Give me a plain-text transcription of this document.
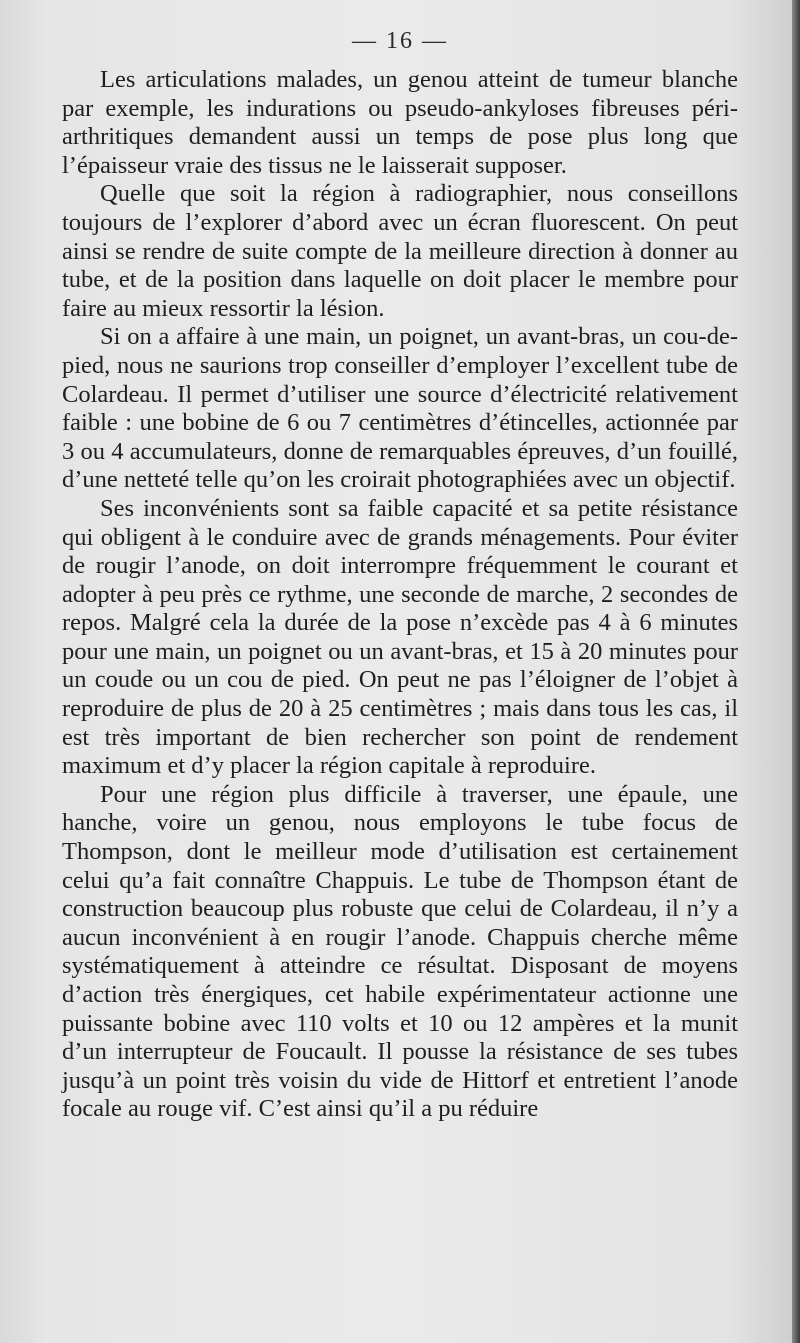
— 16 —

Les articulations malades, un genou atteint de tumeur blanche par exemple, les indurations ou pseudo-ankyloses fibreuses péri-arthritiques demandent aussi un temps de pose plus long que l’épaisseur vraie des tissus ne le laisserait supposer.

Quelle que soit la région à radiographier, nous conseillons toujours de l’explorer d’abord avec un écran fluorescent. On peut ainsi se rendre de suite compte de la meilleure direction à donner au tube, et de la position dans laquelle on doit placer le membre pour faire au mieux ressortir la lésion.

Si on a affaire à une main, un poignet, un avant-bras, un cou-de-pied, nous ne saurions trop conseiller d’employer l’excellent tube de Colardeau. Il permet d’utiliser une source d’électricité relativement faible : une bobine de 6 ou 7 centimètres d’étincelles, actionnée par 3 ou 4 accumulateurs, donne de remarquables épreuves, d’un fouillé, d’une netteté telle qu’on les croirait photographiées avec un objectif.

Ses inconvénients sont sa faible capacité et sa petite résistance qui obligent à le conduire avec de grands ménagements. Pour éviter de rougir l’anode, on doit interrompre fréquemment le courant et adopter à peu près ce rythme, une seconde de marche, 2 secondes de repos. Malgré cela la durée de la pose n’excède pas 4 à 6 minutes pour une main, un poignet ou un avant-bras, et 15 à 20 minutes pour un coude ou un cou de pied. On peut ne pas l’éloigner de l’objet à reproduire de plus de 20 à 25 centimètres ; mais dans tous les cas, il est très important de bien rechercher son point de rendement maximum et d’y placer la région capitale à reproduire.

Pour une région plus difficile à traverser, une épaule, une hanche, voire un genou, nous employons le tube focus de Thompson, dont le meilleur mode d’utilisation est certainement celui qu’a fait connaître Chappuis. Le tube de Thompson étant de construction beaucoup plus robuste que celui de Colardeau, il n’y a aucun inconvénient à en rougir l’anode. Chappuis cherche même systématiquement à atteindre ce résultat. Disposant de moyens d’action très énergiques, cet habile expérimentateur actionne une puissante bobine avec 110 volts et 10 ou 12 ampères et la munit d’un interrupteur de Foucault. Il pousse la résistance de ses tubes jusqu’à un point très voisin du vide de Hittorf et entretient l’anode focale au rouge vif. C’est ainsi qu’il a pu réduire
